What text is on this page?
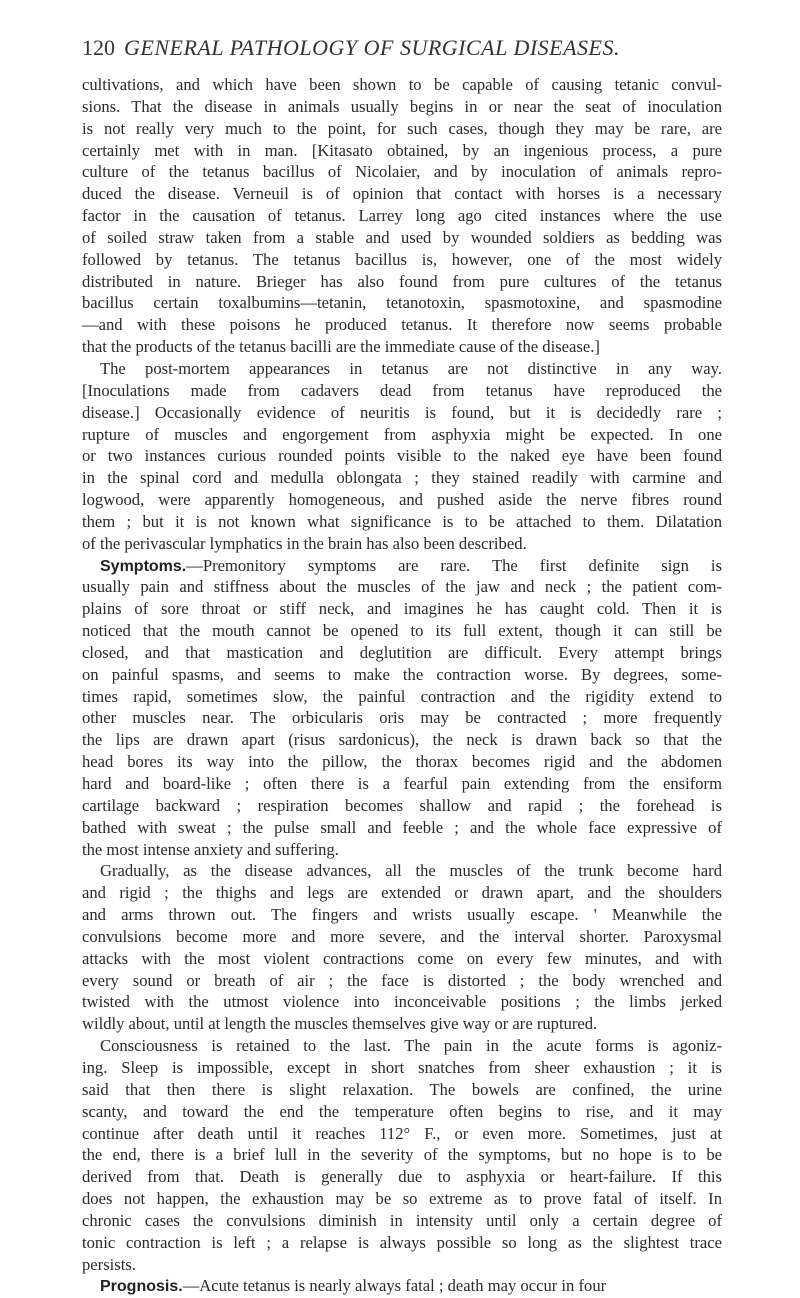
120 GENERAL PATHOLOGY OF SURGICAL DISEASES.
cultivations, and which have been shown to be capable of causing tetanic convul-
sions. That the disease in animals usually begins in or near the seat of inoculation
is not really very much to the point, for such cases, though they may be rare, are
certainly met with in man. [Kitasato obtained, by an ingenious process, a pure
culture of the tetanus bacillus of Nicolaier, and by inoculation of animals repro-
duced the disease. Verneuil is of opinion that contact with horses is a necessary
factor in the causation of tetanus. Larrey long ago cited instances where the use
of soiled straw taken from a stable and used by wounded soldiers as bedding was
followed by tetanus. The tetanus bacillus is, however, one of the most widely
distributed in nature. Brieger has also found from pure cultures of the tetanus
bacillus certain toxalbumins—tetanin, tetanotoxin, spasmotoxine, and spasmodine
—and with these poisons he produced tetanus. It therefore now seems probable
that the products of the tetanus bacilli are the immediate cause of the disease.]
The post-mortem appearances in tetanus are not distinctive in any way.
[Inoculations made from cadavers dead from tetanus have reproduced the
disease.] Occasionally evidence of neuritis is found, but it is decidedly rare ;
rupture of muscles and engorgement from asphyxia might be expected. In one
or two instances curious rounded points visible to the naked eye have been found
in the spinal cord and medulla oblongata ; they stained readily with carmine and
logwood, were apparently homogeneous, and pushed aside the nerve fibres round
them ; but it is not known what significance is to be attached to them. Dilatation
of the perivascular lymphatics in the brain has also been described.
Symptoms.—Premonitory symptoms are rare. The first definite sign is
usually pain and stiffness about the muscles of the jaw and neck ; the patient com-
plains of sore throat or stiff neck, and imagines he has caught cold. Then it is
noticed that the mouth cannot be opened to its full extent, though it can still be
closed, and that mastication and deglutition are difficult. Every attempt brings
on painful spasms, and seems to make the contraction worse. By degrees, some-
times rapid, sometimes slow, the painful contraction and the rigidity extend to
other muscles near. The orbicularis oris may be contracted ; more frequently
the lips are drawn apart (risus sardonicus), the neck is drawn back so that the
head bores its way into the pillow, the thorax becomes rigid and the abdomen
hard and board-like ; often there is a fearful pain extending from the ensiform
cartilage backward ; respiration becomes shallow and rapid ; the forehead is
bathed with sweat ; the pulse small and feeble ; and the whole face expressive of
the most intense anxiety and suffering.
Gradually, as the disease advances, all the muscles of the trunk become hard
and rigid ; the thighs and legs are extended or drawn apart, and the shoulders
and arms thrown out. The fingers and wrists usually escape. ' Meanwhile the
convulsions become more and more severe, and the interval shorter. Paroxysmal
attacks with the most violent contractions come on every few minutes, and with
every sound or breath of air ; the face is distorted ; the body wrenched and
twisted with the utmost violence into inconceivable positions ; the limbs jerked
wildly about, until at length the muscles themselves give way or are ruptured.
Consciousness is retained to the last. The pain in the acute forms is agoniz-
ing. Sleep is impossible, except in short snatches from sheer exhaustion ; it is
said that then there is slight relaxation. The bowels are confined, the urine
scanty, and toward the end the temperature often begins to rise, and it may
continue after death until it reaches 112° F., or even more. Sometimes, just at
the end, there is a brief lull in the severity of the symptoms, but no hope is to be
derived from that. Death is generally due to asphyxia or heart-failure. If this
does not happen, the exhaustion may be so extreme as to prove fatal of itself. In
chronic cases the convulsions diminish in intensity until only a certain degree of
tonic contraction is left ; a relapse is always possible so long as the slightest trace
persists.
Prognosis.—Acute tetanus is nearly always fatal ; death may occur in four
